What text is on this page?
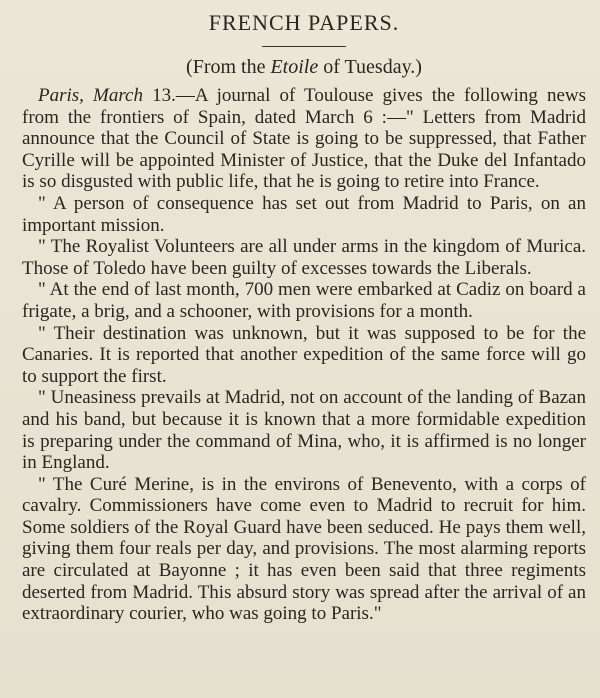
FRENCH PAPERS.
(From the Etoile of Tuesday.)

Paris, March 13.—A journal of Toulouse gives the following news from the frontiers of Spain, dated March 6 :—" Letters from Madrid announce that the Council of State is going to be suppressed, that Father Cyrille will be appointed Minister of Justice, that the Duke del Infantado is so disgusted with public life, that he is going to retire into France.

" A person of consequence has set out from Madrid to Paris, on an important mission.

" The Royalist Volunteers are all under arms in the kingdom of Murica. Those of Toledo have been guilty of excesses towards the Liberals.

" At the end of last month, 700 men were embarked at Cadiz on board a frigate, a brig, and a schooner, with provisions for a month.

" Their destination was unknown, but it was supposed to be for the Canaries. It is reported that another expedition of the same force will go to support the first.

" Uneasiness prevails at Madrid, not on account of the landing of Bazan and his band, but because it is known that a more formidable expedition is preparing under the command of Mina, who, it is affirmed is no longer in England.

" The Curé Merine, is in the environs of Benevento, with a corps of cavalry. Commissioners have come even to Madrid to recruit for him. Some soldiers of the Royal Guard have been seduced. He pays them well, giving them four reals per day, and provisions. The most alarming reports are circulated at Bayonne ; it has even been said that three regiments deserted from Madrid. This absurd story was spread after the arrival of an extraordinary courier, who was going to Paris."
